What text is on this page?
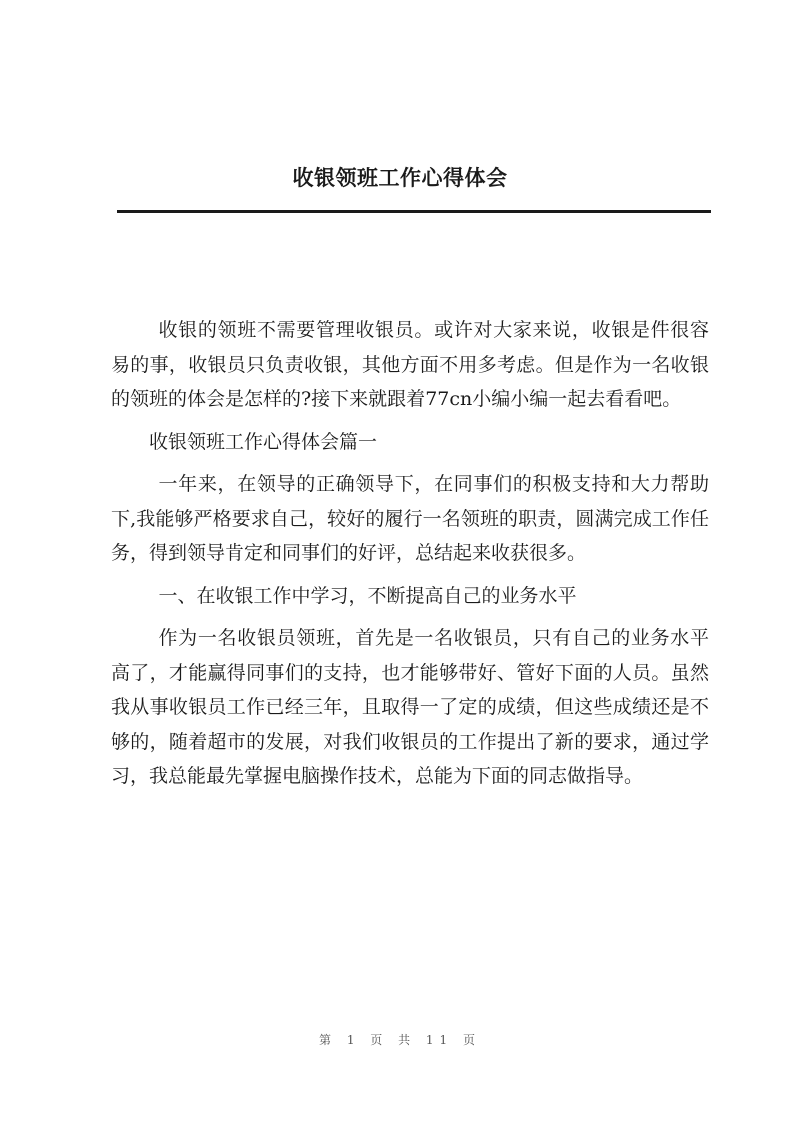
收银领班工作心得体会

收银的领班不需要管理收银员。或许对大家来说，收银是件很容易的事，收银员只负责收银，其他方面不用多考虑。但是作为一名收银的领班的体会是怎样的?接下来就跟着77cn小编小编一起去看看吧。

收银领班工作心得体会篇一

一年来，在领导的正确领导下，在同事们的积极支持和大力帮助下,我能够严格要求自己，较好的履行一名领班的职责，圆满完成工作任务，得到领导肯定和同事们的好评，总结起来收获很多。

一、在收银工作中学习，不断提高自己的业务水平

作为一名收银员领班，首先是一名收银员，只有自己的业务水平高了，才能赢得同事们的支持，也才能够带好、管好下面的人员。虽然我从事收银员工作已经三年，且取得一了定的成绩，但这些成绩还是不够的，随着超市的发展，对我们收银员的工作提出了新的要求，通过学习，我总能最先掌握电脑操作技术，总能为下面的同志做指导。

第 1 页 共 11 页
